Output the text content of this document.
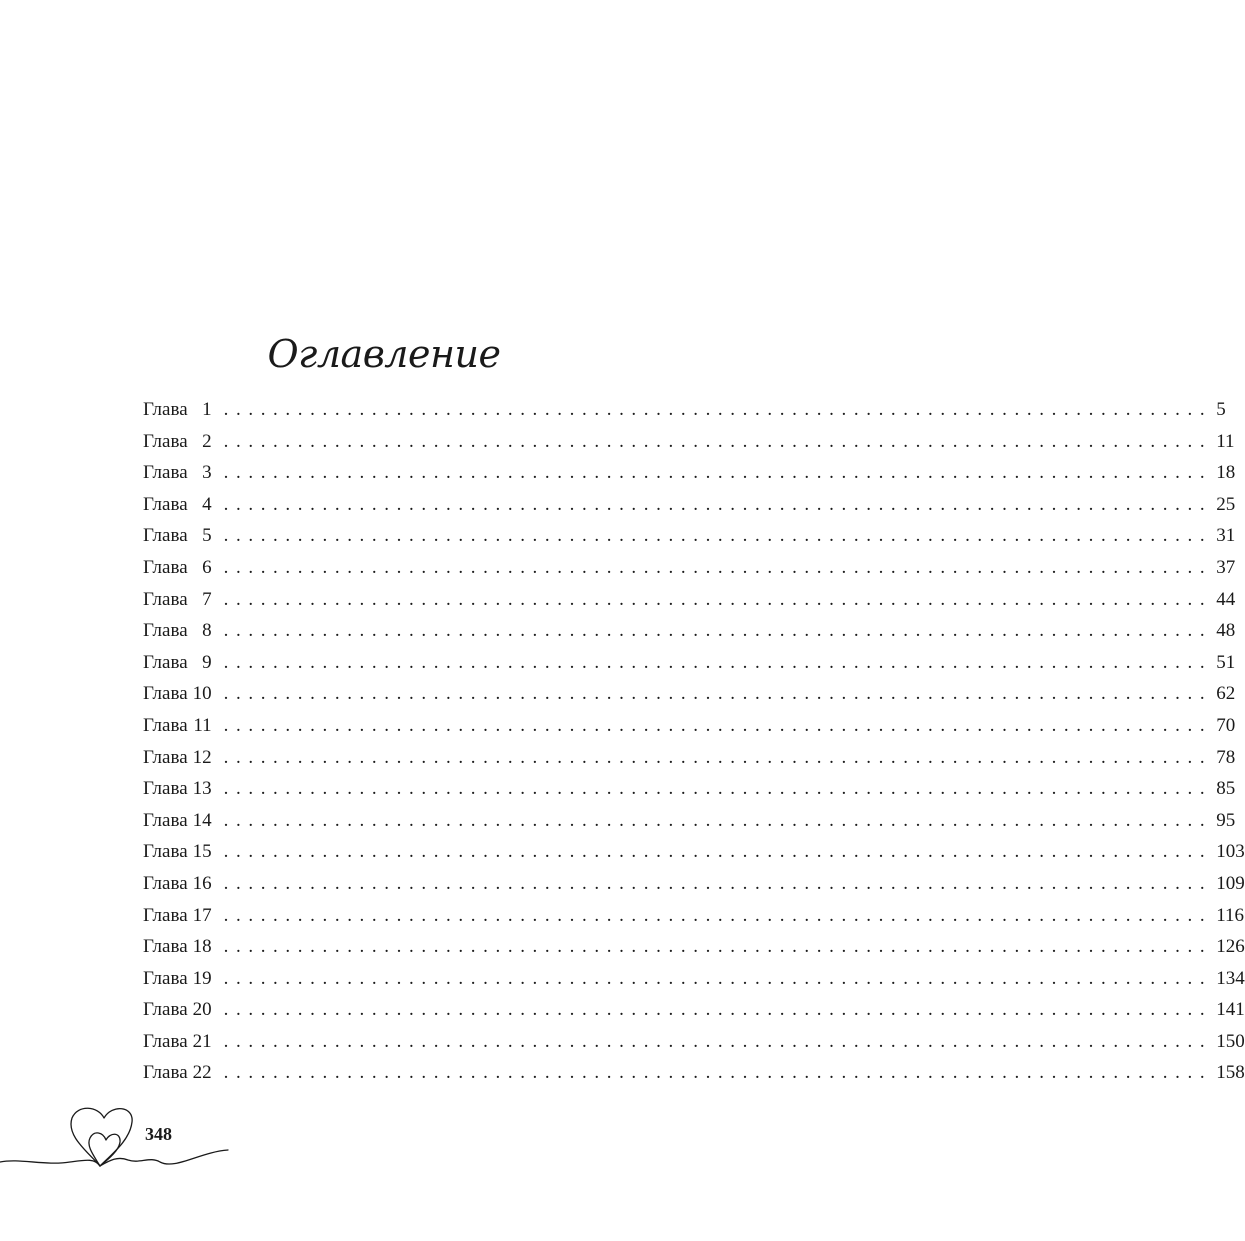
Оглавление
Глава 1 .  .  .  .  .  .  .  .  .  .  .  .  .  .  .  .  .  .  .  .  .  .  .  .  .  .  .  .  .  .  .  .  .  .  .  .  .  .  .  .  .  .  .  .  .  .  .  .  .  .  .  .  .  .  .  .  .  .  .  .  .  .  .  .  .  .  .  .  .  .  .  .  .  .  .  .  .  .  .  .   5
Глава 2 .  .  .  .  .  .  .  .  .  .  .  .  .  .  .  .  .  .  .  .  .  .  .  .  .  .  .  .  .  .  .  .  .  .  .  .  .  .  .  .  .  .  .  .  .  .  .  .  .  .  .  .  .  .  .  .  .  .  .  .  .  .  .  .  .  .  .  .  .  .  .  .  .  .  .  .  .  .  .  .   11
Глава 3 .  .  .  .  .  .  .  .  .  .  .  .  .  .  .  .  .  .  .  .  .  .  .  .  .  .  .  .  .  .  .  .  .  .  .  .  .  .  .  .  .  .  .  .  .  .  .  .  .  .  .  .  .  .  .  .  .  .  .  .  .  .  .  .  .  .  .  .  .  .  .  .  .  .  .  .  .  .  .  .   18
Глава 4 .  .  .  .  .  .  .  .  .  .  .  .  .  .  .  .  .  .  .  .  .  .  .  .  .  .  .  .  .  .  .  .  .  .  .  .  .  .  .  .  .  .  .  .  .  .  .  .  .  .  .  .  .  .  .  .  .  .  .  .  .  .  .  .  .  .  .  .  .  .  .  .  .  .  .  .  .  .  .  .   25
Глава 5 .  .  .  .  .  .  .  .  .  .  .  .  .  .  .  .  .  .  .  .  .  .  .  .  .  .  .  .  .  .  .  .  .  .  .  .  .  .  .  .  .  .  .  .  .  .  .  .  .  .  .  .  .  .  .  .  .  .  .  .  .  .  .  .  .  .  .  .  .  .  .  .  .  .  .  .  .  .  .  .   31
Глава 6 .  .  .  .  .  .  .  .  .  .  .  .  .  .  .  .  .  .  .  .  .  .  .  .  .  .  .  .  .  .  .  .  .  .  .  .  .  .  .  .  .  .  .  .  .  .  .  .  .  .  .  .  .  .  .  .  .  .  .  .  .  .  .  .  .  .  .  .  .  .  .  .  .  .  .  .  .  .  .  .   37
Глава 7 .  .  .  .  .  .  .  .  .  .  .  .  .  .  .  .  .  .  .  .  .  .  .  .  .  .  .  .  .  .  .  .  .  .  .  .  .  .  .  .  .  .  .  .  .  .  .  .  .  .  .  .  .  .  .  .  .  .  .  .  .  .  .  .  .  .  .  .  .  .  .  .  .  .  .  .  .  .  .  .   44
Глава 8 .  .  .  .  .  .  .  .  .  .  .  .  .  .  .  .  .  .  .  .  .  .  .  .  .  .  .  .  .  .  .  .  .  .  .  .  .  .  .  .  .  .  .  .  .  .  .  .  .  .  .  .  .  .  .  .  .  .  .  .  .  .  .  .  .  .  .  .  .  .  .  .  .  .  .  .  .  .  .  .   48
Глава 9 .  .  .  .  .  .  .  .  .  .  .  .  .  .  .  .  .  .  .  .  .  .  .  .  .  .  .  .  .  .  .  .  .  .  .  .  .  .  .  .  .  .  .  .  .  .  .  .  .  .  .  .  .  .  .  .  .  .  .  .  .  .  .  .  .  .  .  .  .  .  .  .  .  .  .  .  .  .  .  .   51
Глава 10 .  .  .  .  .  .  .  .  .  .  .  .  .  .  .  .  .  .  .  .  .  .  .  .  .  .  .  .  .  .  .  .  .  .  .  .  .  .  .  .  .  .  .  .  .  .  .  .  .  .  .  .  .  .  .  .  .  .  .  .  .  .  .  .  .  .  .  .  .  .  .  .  .  .  .  .  .  .  .  .   62
Глава 11 .  .  .  .  .  .  .  .  .  .  .  .  .  .  .  .  .  .  .  .  .  .  .  .  .  .  .  .  .  .  .  .  .  .  .  .  .  .  .  .  .  .  .  .  .  .  .  .  .  .  .  .  .  .  .  .  .  .  .  .  .  .  .  .  .  .  .  .  .  .  .  .  .  .  .  .  .  .  .  .   70
Глава 12 .  .  .  .  .  .  .  .  .  .  .  .  .  .  .  .  .  .  .  .  .  .  .  .  .  .  .  .  .  .  .  .  .  .  .  .  .  .  .  .  .  .  .  .  .  .  .  .  .  .  .  .  .  .  .  .  .  .  .  .  .  .  .  .  .  .  .  .  .  .  .  .  .  .  .  .  .  .  .  .   78
Глава 13 .  .  .  .  .  .  .  .  .  .  .  .  .  .  .  .  .  .  .  .  .  .  .  .  .  .  .  .  .  .  .  .  .  .  .  .  .  .  .  .  .  .  .  .  .  .  .  .  .  .  .  .  .  .  .  .  .  .  .  .  .  .  .  .  .  .  .  .  .  .  .  .  .  .  .  .  .  .  .  .   85
Глава 14 .  .  .  .  .  .  .  .  .  .  .  .  .  .  .  .  .  .  .  .  .  .  .  .  .  .  .  .  .  .  .  .  .  .  .  .  .  .  .  .  .  .  .  .  .  .  .  .  .  .  .  .  .  .  .  .  .  .  .  .  .  .  .  .  .  .  .  .  .  .  .  .  .  .  .  .  .  .  .  .   95
Глава 15 .  .  .  .  .  .  .  .  .  .  .  .  .  .  .  .  .  .  .  .  .  .  .  .  .  .  .  .  .  .  .  .  .  .  .  .  .  .  .  .  .  .  .  .  .  .  .  .  .  .  .  .  .  .  .  .  .  .  .  .  .  .  .  .  .  .  .  .  .  .  .  .  .  .  .  .  .  .  .  .   103
Глава 16 .  .  .  .  .  .  .  .  .  .  .  .  .  .  .  .  .  .  .  .  .  .  .  .  .  .  .  .  .  .  .  .  .  .  .  .  .  .  .  .  .  .  .  .  .  .  .  .  .  .  .  .  .  .  .  .  .  .  .  .  .  .  .  .  .  .  .  .  .  .  .  .  .  .  .  .  .  .  .  .   109
Глава 17 .  .  .  .  .  .  .  .  .  .  .  .  .  .  .  .  .  .  .  .  .  .  .  .  .  .  .  .  .  .  .  .  .  .  .  .  .  .  .  .  .  .  .  .  .  .  .  .  .  .  .  .  .  .  .  .  .  .  .  .  .  .  .  .  .  .  .  .  .  .  .  .  .  .  .  .  .  .  .  .   116
Глава 18 .  .  .  .  .  .  .  .  .  .  .  .  .  .  .  .  .  .  .  .  .  .  .  .  .  .  .  .  .  .  .  .  .  .  .  .  .  .  .  .  .  .  .  .  .  .  .  .  .  .  .  .  .  .  .  .  .  .  .  .  .  .  .  .  .  .  .  .  .  .  .  .  .  .  .  .  .  .  .  .   126
Глава 19 .  .  .  .  .  .  .  .  .  .  .  .  .  .  .  .  .  .  .  .  .  .  .  .  .  .  .  .  .  .  .  .  .  .  .  .  .  .  .  .  .  .  .  .  .  .  .  .  .  .  .  .  .  .  .  .  .  .  .  .  .  .  .  .  .  .  .  .  .  .  .  .  .  .  .  .  .  .  .  .   134
Глава 20 .  .  .  .  .  .  .  .  .  .  .  .  .  .  .  .  .  .  .  .  .  .  .  .  .  .  .  .  .  .  .  .  .  .  .  .  .  .  .  .  .  .  .  .  .  .  .  .  .  .  .  .  .  .  .  .  .  .  .  .  .  .  .  .  .  .  .  .  .  .  .  .  .  .  .  .  .  .  .  .   141
Глава 21 .  .  .  .  .  .  .  .  .  .  .  .  .  .  .  .  .  .  .  .  .  .  .  .  .  .  .  .  .  .  .  .  .  .  .  .  .  .  .  .  .  .  .  .  .  .  .  .  .  .  .  .  .  .  .  .  .  .  .  .  .  .  .  .  .  .  .  .  .  .  .  .  .  .  .  .  .  .  .  .   150
Глава 22 .  .  .  .  .  .  .  .  .  .  .  .  .  .  .  .  .  .  .  .  .  .  .  .  .  .  .  .  .  .  .  .  .  .  .  .  .  .  .  .  .  .  .  .  .  .  .  .  .  .  .  .  .  .  .  .  .  .  .  .  .  .  .  .  .  .  .  .  .  .  .  .  .  .  .  .  .  .  .  .   158
348
